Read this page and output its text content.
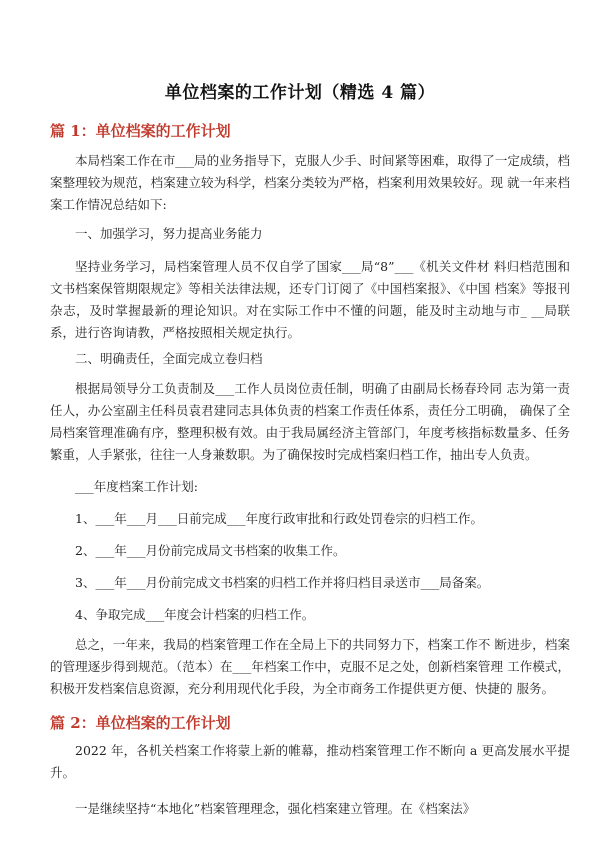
单位档案的工作计划（精选 4 篇）
篇 1：单位档案的工作计划
本局档案工作在市___局的业务指导下，克服人少手、时间紧等困难，取得了一定成绩，档案整理较为规范，档案建立较为科学，档案分类较为严格，档案利用效果较好。现 就一年来档案工作情况总结如下:
一、加强学习，努力提高业务能力
坚持业务学习，局档案管理人员不仅自学了国家___局“8”___《机关文件材 料归档范围和文书档案保管期限规定》等相关法律法规，还专门订阅了《中国档案报》、《中国 档案》等报刊杂志，及时掌握最新的理论知识。对在实际工作中不懂的问题，能及时主动地与市_ __局联系，进行咨询请教，严格按照相关规定执行。
二、明确责任，全面完成立卷归档
根据局领导分工负责制及___工作人员岗位责任制，明确了由副局长杨春玲同 志为第一责任人，办公室副主任科员袁君建同志具体负责的档案工作责任体系，责任分工明确， 确保了全局档案管理准确有序，整理积极有效。由于我局属经济主管部门，年度考核指标数量多、任务繁重，人手紧张，往往一人身兼数职。为了确保按时完成档案归档工作，抽出专人负责。
___年度档案工作计划:
1、___年___月___日前完成___年度行政审批和行政处罚卷宗的归档工作。
2、___年___月份前完成局文书档案的收集工作。
3、___年___月份前完成文书档案的归档工作并将归档目录送市___局备案。
4、争取完成___年度会计档案的归档工作。
总之，一年来，我局的档案管理工作在全局上下的共同努力下，档案工作不 断进步，档案的管理逐步得到规范。（范本）在___年档案工作中，克服不足之处，创新档案管理 工作模式，积极开发档案信息资源，充分利用现代化手段，为全市商务工作提供更方便、快捷的 服务。
篇 2：单位档案的工作计划
2022 年，各机关档案工作将蒙上新的帷幕，推动档案管理工作不断向 a 更高发展水平提升。
一是继续坚持“本地化”档案管理理念，强化档案建立管理。在《档案法》
